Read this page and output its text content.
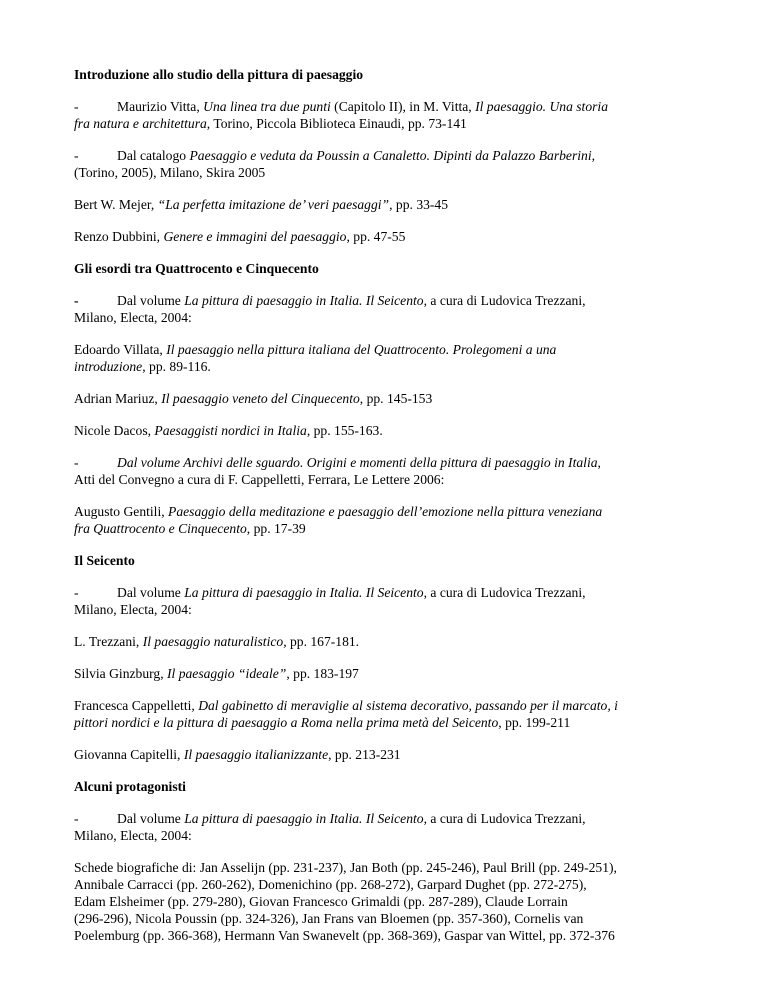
Introduzione allo studio della pittura di paesaggio
-	Maurizio Vitta, Una linea tra due punti (Capitolo II), in M. Vitta, Il paesaggio. Una storia
fra natura e architettura, Torino, Piccola Biblioteca Einaudi, pp. 73-141
-	Dal catalogo Paesaggio e veduta da Poussin a Canaletto. Dipinti da Palazzo Barberini,
(Torino, 2005), Milano, Skira 2005
Bert W. Mejer, “La perfetta imitazione de’ veri paesaggi”, pp. 33-45
Renzo Dubbini, Genere e immagini del paesaggio, pp. 47-55
Gli esordi tra Quattrocento e Cinquecento
-	Dal volume La pittura di paesaggio in Italia. Il Seicento, a cura di Ludovica Trezzani,
Milano, Electa, 2004:
Edoardo Villata, Il paesaggio nella pittura italiana del Quattrocento. Prolegomeni a una
introduzione, pp. 89-116.
Adrian Mariuz, Il paesaggio veneto del Cinquecento, pp. 145-153
Nicole Dacos, Paesaggisti nordici in Italia, pp. 155-163.
-	Dal volume Archivi delle sguardo. Origini e momenti della pittura di paesaggio in Italia,
Atti del Convegno a cura di F. Cappelletti, Ferrara, Le Lettere 2006:
Augusto Gentili, Paesaggio della meditazione e paesaggio dell’emozione nella pittura veneziana
fra Quattrocento e Cinquecento, pp. 17-39
Il Seicento
-	Dal volume La pittura di paesaggio in Italia. Il Seicento, a cura di Ludovica Trezzani,
Milano, Electa, 2004:
L. Trezzani, Il paesaggio naturalistico, pp. 167-181.
Silvia Ginzburg, Il paesaggio “ideale”, pp. 183-197
Francesca Cappelletti, Dal gabinetto di meraviglie al sistema decorativo, passando per il marcato, i
pittori nordici e la pittura di paesaggio a Roma nella prima metà del Seicento, pp. 199-211
Giovanna Capitelli, Il paesaggio italianizzante, pp. 213-231
Alcuni protagonisti
-	Dal volume La pittura di paesaggio in Italia. Il Seicento, a cura di Ludovica Trezzani,
Milano, Electa, 2004:
Schede biografiche di: Jan Asselijn (pp. 231-237), Jan Both (pp. 245-246), Paul Brill (pp. 249-251),
Annibale Carracci (pp. 260-262), Domenichino (pp. 268-272), Garpard Dughet (pp. 272-275),
Edam Elsheimer (pp. 279-280), Giovan Francesco Grimaldi (pp. 287-289), Claude Lorrain
(296-296), Nicola Poussin (pp. 324-326), Jan Frans van Bloemen (pp. 357-360), Cornelis van
Poelemburg (pp. 366-368), Hermann Van Swanevelt (pp. 368-369), Gaspar van Wittel, pp. 372-376
